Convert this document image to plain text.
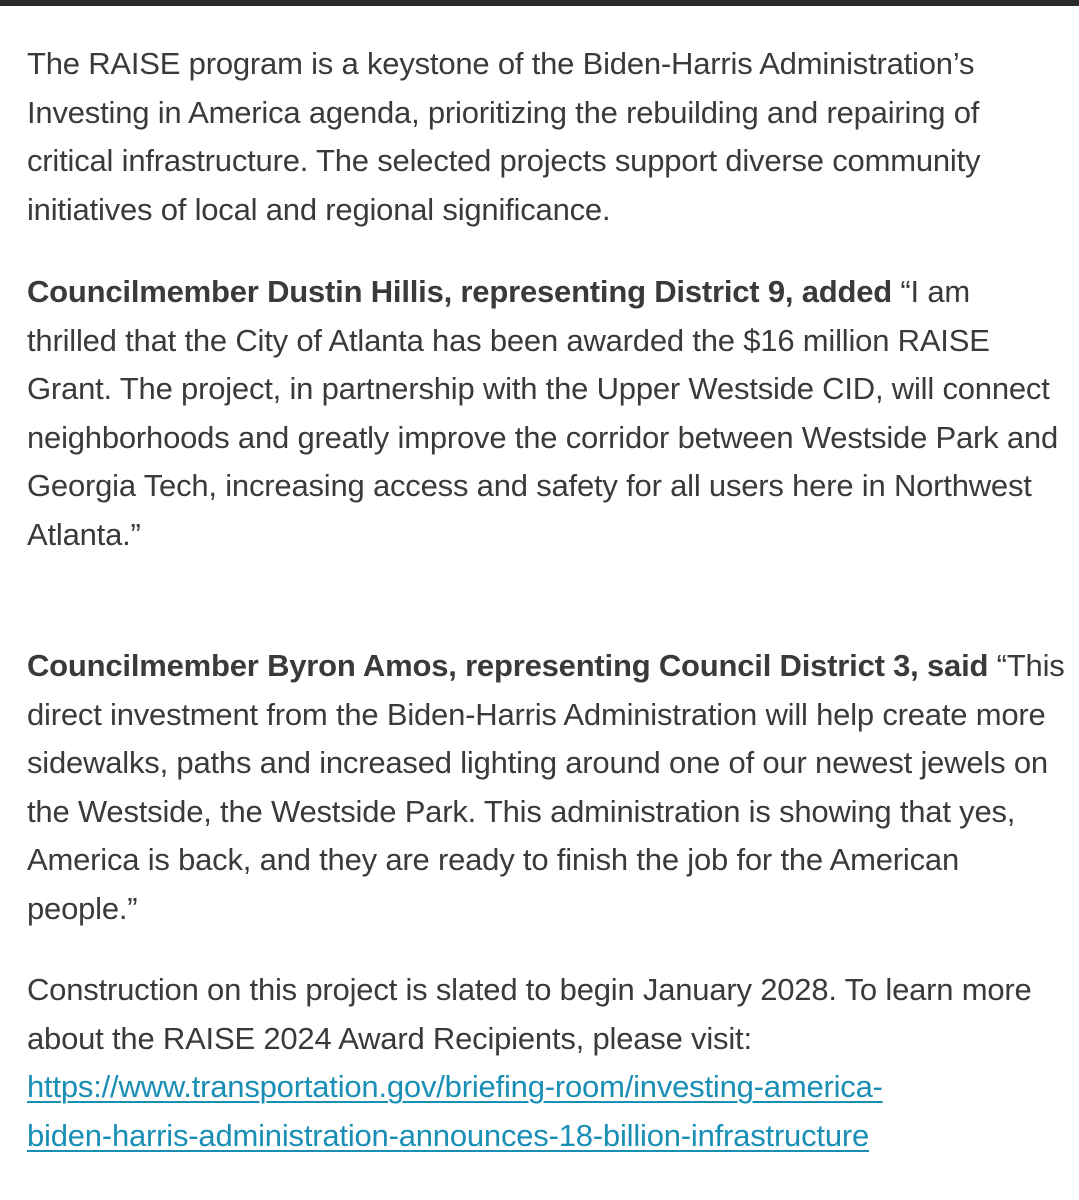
The RAISE program is a keystone of the Biden-Harris Administration’s Investing in America agenda, prioritizing the rebuilding and repairing of critical infrastructure. The selected projects support diverse community initiatives of local and regional significance.

Councilmember Dustin Hillis, representing District 9, added “I am thrilled that the City of Atlanta has been awarded the $16 million RAISE Grant. The project, in partnership with the Upper Westside CID, will connect neighborhoods and greatly improve the corridor between Westside Park and Georgia Tech, increasing access and safety for all users here in Northwest Atlanta.”

Councilmember Byron Amos, representing Council District 3, said “This direct investment from the Biden-Harris Administration will help create more sidewalks, paths and increased lighting around one of our newest jewels on the Westside, the Westside Park. This administration is showing that yes, America is back, and they are ready to finish the job for the American people.”

Construction on this project is slated to begin January 2028. To learn more about the RAISE 2024 Award Recipients, please visit:
https://www.transportation.gov/briefing-room/investing-america-
biden-harris-administration-announces-18-billion-infrastructure
